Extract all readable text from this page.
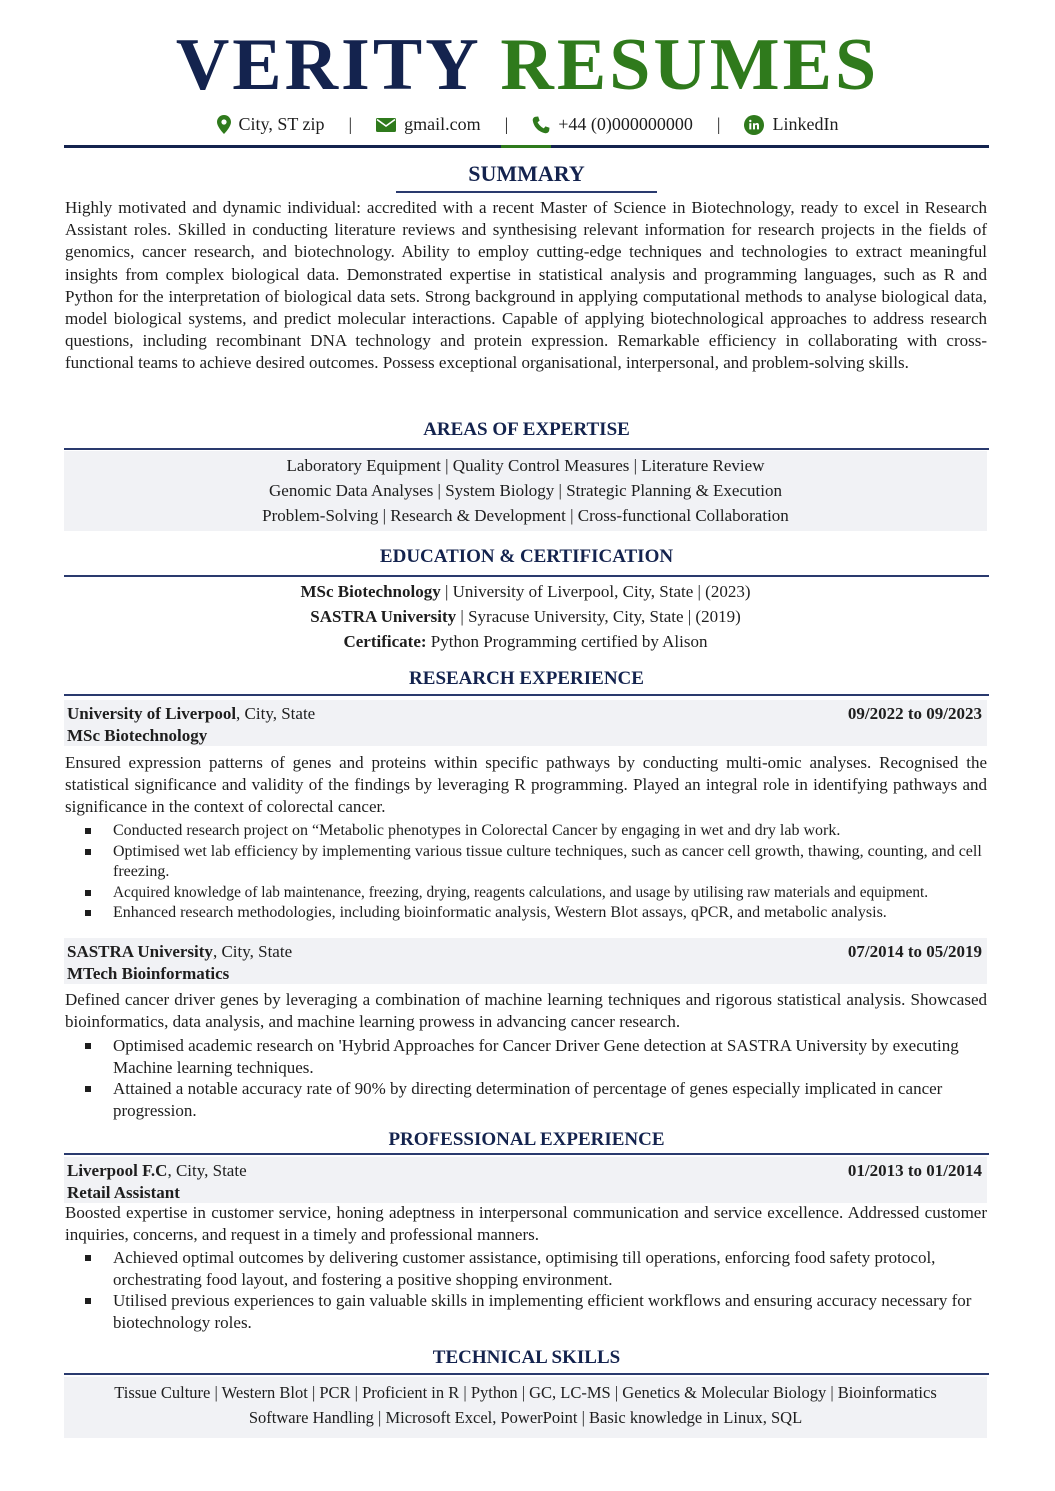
VERITY RESUMES
City, ST zip |	gmail.com |	+44 (0)000000000 |	LinkedIn
SUMMARY

Highly motivated and dynamic individual: accredited with a recent Master of Science in Biotechnology, ready to excel in Research Assistant roles. Skilled in conducting literature reviews and synthesising relevant information for research projects in the fields of genomics, cancer research, and biotechnology. Ability to employ cutting-edge techniques and technologies to extract meaningful insights from complex biological data. Demonstrated expertise in statistical analysis and programming languages, such as R and Python for the interpretation of biological data sets. Strong background in applying computational methods to analyse biological data, model biological systems, and predict molecular interactions. Capable of applying biotechnological approaches to address research questions, including recombinant DNA technology and protein expression. Remarkable efficiency in collaborating with cross-functional teams to achieve desired outcomes. Possess exceptional organisational, interpersonal, and problem-solving skills.

AREAS OF EXPERTISE
Laboratory Equipment | Quality Control Measures | Literature Review
Genomic Data Analyses | System Biology | Strategic Planning & Execution
Problem-Solving | Research & Development | Cross-functional Collaboration
EDUCATION & CERTIFICATION
MSc Biotechnology | University of Liverpool, City, State | (2023)
SASTRA University | Syracuse University, City, State | (2019)
Certificate: Python Programming certified by Alison
RESEARCH EXPERIENCE
University of Liverpool, City, State	09/2022 to 09/2023
MSc Biotechnology

Ensured expression patterns of genes and proteins within specific pathways by conducting multi-omic analyses. Recognised the statistical significance and validity of the findings by leveraging R programming. Played an integral role in identifying pathways and significance in the context of colorectal cancer.

Conducted research project on “Metabolic phenotypes in Colorectal Cancer by engaging in wet and dry lab work.
Optimised wet lab efficiency by implementing various tissue culture techniques, such as cancer cell growth, thawing, counting, and cell freezing.
Acquired knowledge of lab maintenance, freezing, drying, reagents calculations, and usage by utilising raw materials and equipment.
Enhanced research methodologies, including bioinformatic analysis, Western Blot assays, qPCR, and metabolic analysis.
SASTRA University, City, State	07/2014 to 05/2019
MTech Bioinformatics

Defined cancer driver genes by leveraging a combination of machine learning techniques and rigorous statistical analysis. Showcased bioinformatics, data analysis, and machine learning prowess in advancing cancer research.

Optimised academic research on 'Hybrid Approaches for Cancer Driver Gene detection at SASTRA University by executing Machine learning techniques.
Attained a notable accuracy rate of 90% by directing determination of percentage of genes especially implicated in cancer progression.
PROFESSIONAL EXPERIENCE
Liverpool F.C, City, State	01/2013 to 01/2014
Retail Assistant

Boosted expertise in customer service, honing adeptness in interpersonal communication and service excellence. Addressed customer inquiries, concerns, and request in a timely and professional manners.

Achieved optimal outcomes by delivering customer assistance, optimising till operations, enforcing food safety protocol, orchestrating food layout, and fostering a positive shopping environment.
Utilised previous experiences to gain valuable skills in implementing efficient workflows and ensuring accuracy necessary for biotechnology roles.
TECHNICAL SKILLS
Tissue Culture | Western Blot | PCR | Proficient in R | Python | GC, LC-MS | Genetics & Molecular Biology | Bioinformatics
Software Handling | Microsoft Excel, PowerPoint | Basic knowledge in Linux, SQL
